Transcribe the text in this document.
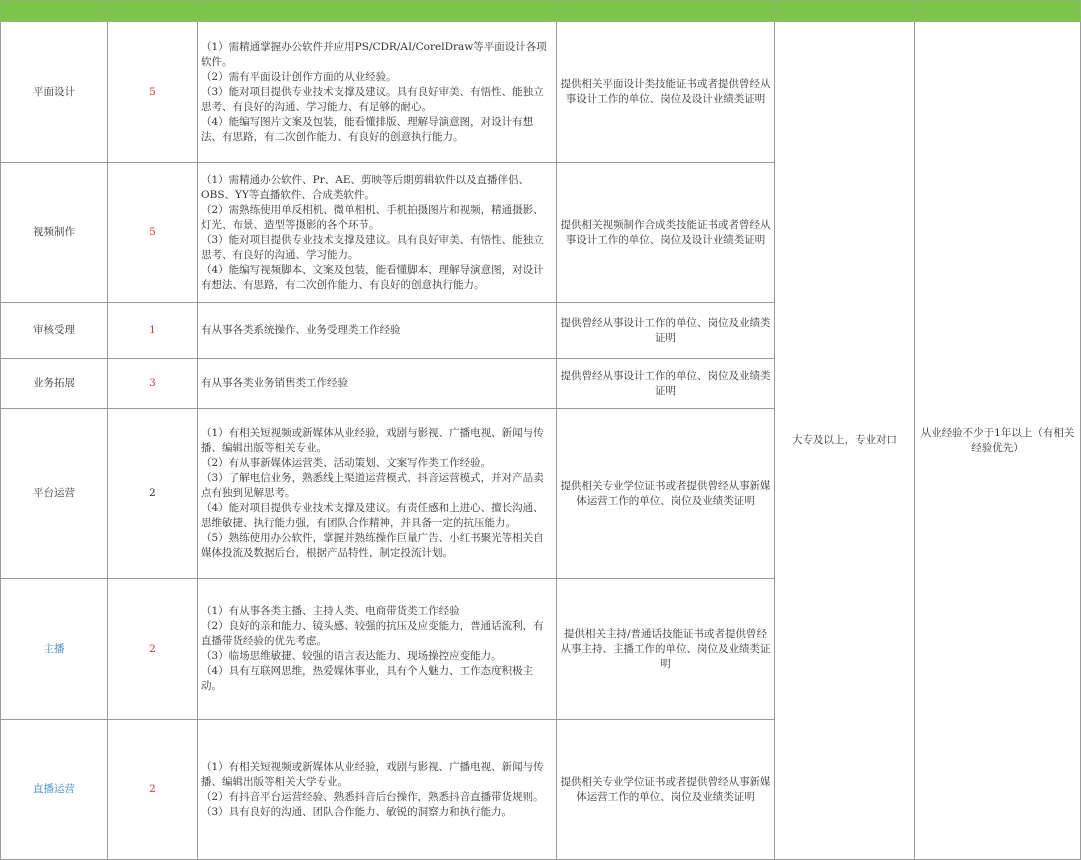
平面设计	5	（1）需精通掌握办公软件并应用PS/CDR/AI/CorelDraw等平面设计各项软件。
（2）需有平面设计创作方面的从业经验。
（3）能对项目提供专业技术支撑及建议。具有良好审美、有悟性、能独立思考、有良好的沟通、学习能力、有足够的耐心。
（4）能编写图片文案及包装，能看懂排版、理解导演意图，对设计有想法、有思路，有二次创作能力、有良好的创意执行能力。	提供相关平面设计类技能证书或者提供曾经从事设计工作的单位、岗位及设计业绩类证明	大专及以上，专业对口	从业经验不少于1年以上（有相关经验优先）
视频制作	5	（1）需精通办公软件、Pr、AE、剪映等后期剪辑软件以及直播伴侣、OBS、YY等直播软件、合成类软件。
（2）需熟练使用单反相机、微单相机、手机拍摄图片和视频，精通摄影、灯光、布景、造型等摄影的各个环节。
（3）能对项目提供专业技术支撑及建议。具有良好审美、有悟性、能独立思考、有良好的沟通、学习能力。
（4）能编写视频脚本、文案及包装，能看懂脚本、理解导演意图，对设计有想法、有思路，有二次创作能力、有良好的创意执行能力。	提供相关视频制作合成类技能证书或者曾经从事设计工作的单位、岗位及设计业绩类证明		
审核受理	1	有从事各类系统操作、业务受理类工作经验	提供曾经从事设计工作的单位、岗位及业绩类证明		
业务拓展	3	有从事各类业务销售类工作经验	提供曾经从事设计工作的单位、岗位及业绩类证明		
平台运营	2	（1）有相关短视频或新媒体从业经验，戏剧与影视、广播电视、新闻与传播、编辑出版等相关专业。
（2）有从事新媒体运营类、活动策划、文案写作类工作经验。
（3）了解电信业务，熟悉线上渠道运营模式、抖音运营模式，并对产品卖点有独到见解思考。
（4）能对项目提供专业技术支撑及建议。有责任感和上进心、擅长沟通、思维敏捷、执行能力强，有团队合作精神，并具备一定的抗压能力。
（5）熟练使用办公软件，掌握并熟练操作巨量广告、小红书聚光等相关自媒体投流及数据后台，根据产品特性，制定投流计划。	提供相关专业学位证书或者提供曾经从事新媒体运营工作的单位、岗位及业绩类证明		
主播	2	（1）有从事各类主播、主持人类、电商带货类工作经验
（2）良好的亲和能力、镜头感、较强的抗压及应变能力，普通话流利，有直播带货经验的优先考虑。
（3）临场思维敏捷、较强的语言表达能力、现场操控应变能力。
（4）具有互联网思维，热爱媒体事业，具有个人魅力、工作态度积极主动。	提供相关主持/普通话技能证书或者提供曾经从事主持、主播工作的单位、岗位及业绩类证明		
直播运营	2	（1）有相关短视频或新媒体从业经验，戏剧与影视、广播电视、新闻与传播、编辑出版等相关大学专业。
（2）有抖音平台运营经验、熟悉抖音后台操作，熟悉抖音直播带货规则。
（3）具有良好的沟通、团队合作能力、敏锐的洞察力和执行能力。	提供相关专业学位证书或者提供曾经从事新媒体运营工作的单位、岗位及业绩类证明		
